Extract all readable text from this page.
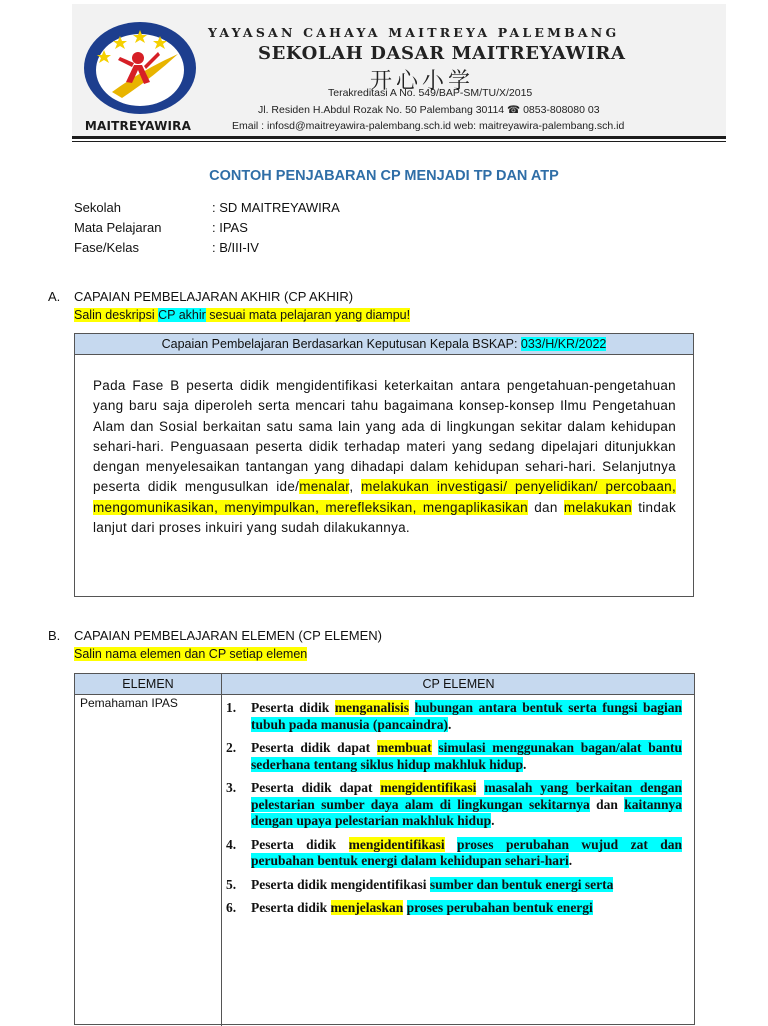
MAITREYAWIRA
YAYASAN CAHAYA MAITREYA PALEMBANG
SEKOLAH DASAR MAITREYAWIRA
开心小学
Terakreditasi A No. 549/BAP-SM/TU/X/2015
Jl. Residen H.Abdul Rozak No. 50 Palembang 30114 ☎ 0853-808080 03
Email : infosd@maitreyawira-palembang.sch.id web: maitreyawira-palembang.sch.id
CONTOH PENJABARAN CP MENJADI TP DAN ATP
Sekolah	: SD MAITREYAWIRA
Mata Pelajaran	: IPAS
Fase/Kelas	: B/III-IV
A. CAPAIAN PEMBELAJARAN AKHIR (CP AKHIR)
Salin deskripsi CP akhir sesuai mata pelajaran yang diampu!
Capaian Pembelajaran Berdasarkan Keputusan Kepala BSKAP: 033/H/KR/2022

Pada Fase B peserta didik mengidentifikasi keterkaitan antara pengetahuan-pengetahuan yang baru saja diperoleh serta mencari tahu bagaimana konsep-konsep Ilmu Pengetahuan Alam dan Sosial berkaitan satu sama lain yang ada di lingkungan sekitar dalam kehidupan sehari-hari. Penguasaan peserta didik terhadap materi yang sedang dipelajari ditunjukkan dengan menyelesaikan tantangan yang dihadapi dalam kehidupan sehari-hari. Selanjutnya peserta didik mengusulkan ide/menalar, melakukan investigasi/ penyelidikan/ percobaan, mengomunikasikan, menyimpulkan, merefleksikan, mengaplikasikan dan melakukan tindak lanjut dari proses inkuiri yang sudah dilakukannya.

B. CAPAIAN PEMBELAJARAN ELEMEN (CP ELEMEN)
Salin nama elemen dan CP setiap elemen
ELEMEN	CP ELEMEN
Pemahaman IPAS	1. Peserta didik menganalisis hubungan antara bentuk serta fungsi bagian tubuh pada manusia (pancaindra).
2. Peserta didik dapat membuat simulasi menggunakan bagan/alat bantu sederhana tentang siklus hidup makhluk hidup.
3. Peserta didik dapat mengidentifikasi masalah yang berkaitan dengan pelestarian sumber daya alam di lingkungan sekitarnya dan kaitannya dengan upaya pelestarian makhluk hidup.
4. Peserta didik mengidentifikasi proses perubahan wujud zat dan perubahan bentuk energi dalam kehidupan sehari-hari.
5. Peserta didik mengidentifikasi sumber dan bentuk energi serta
6. Peserta didik menjelaskan proses perubahan bentuk energi
